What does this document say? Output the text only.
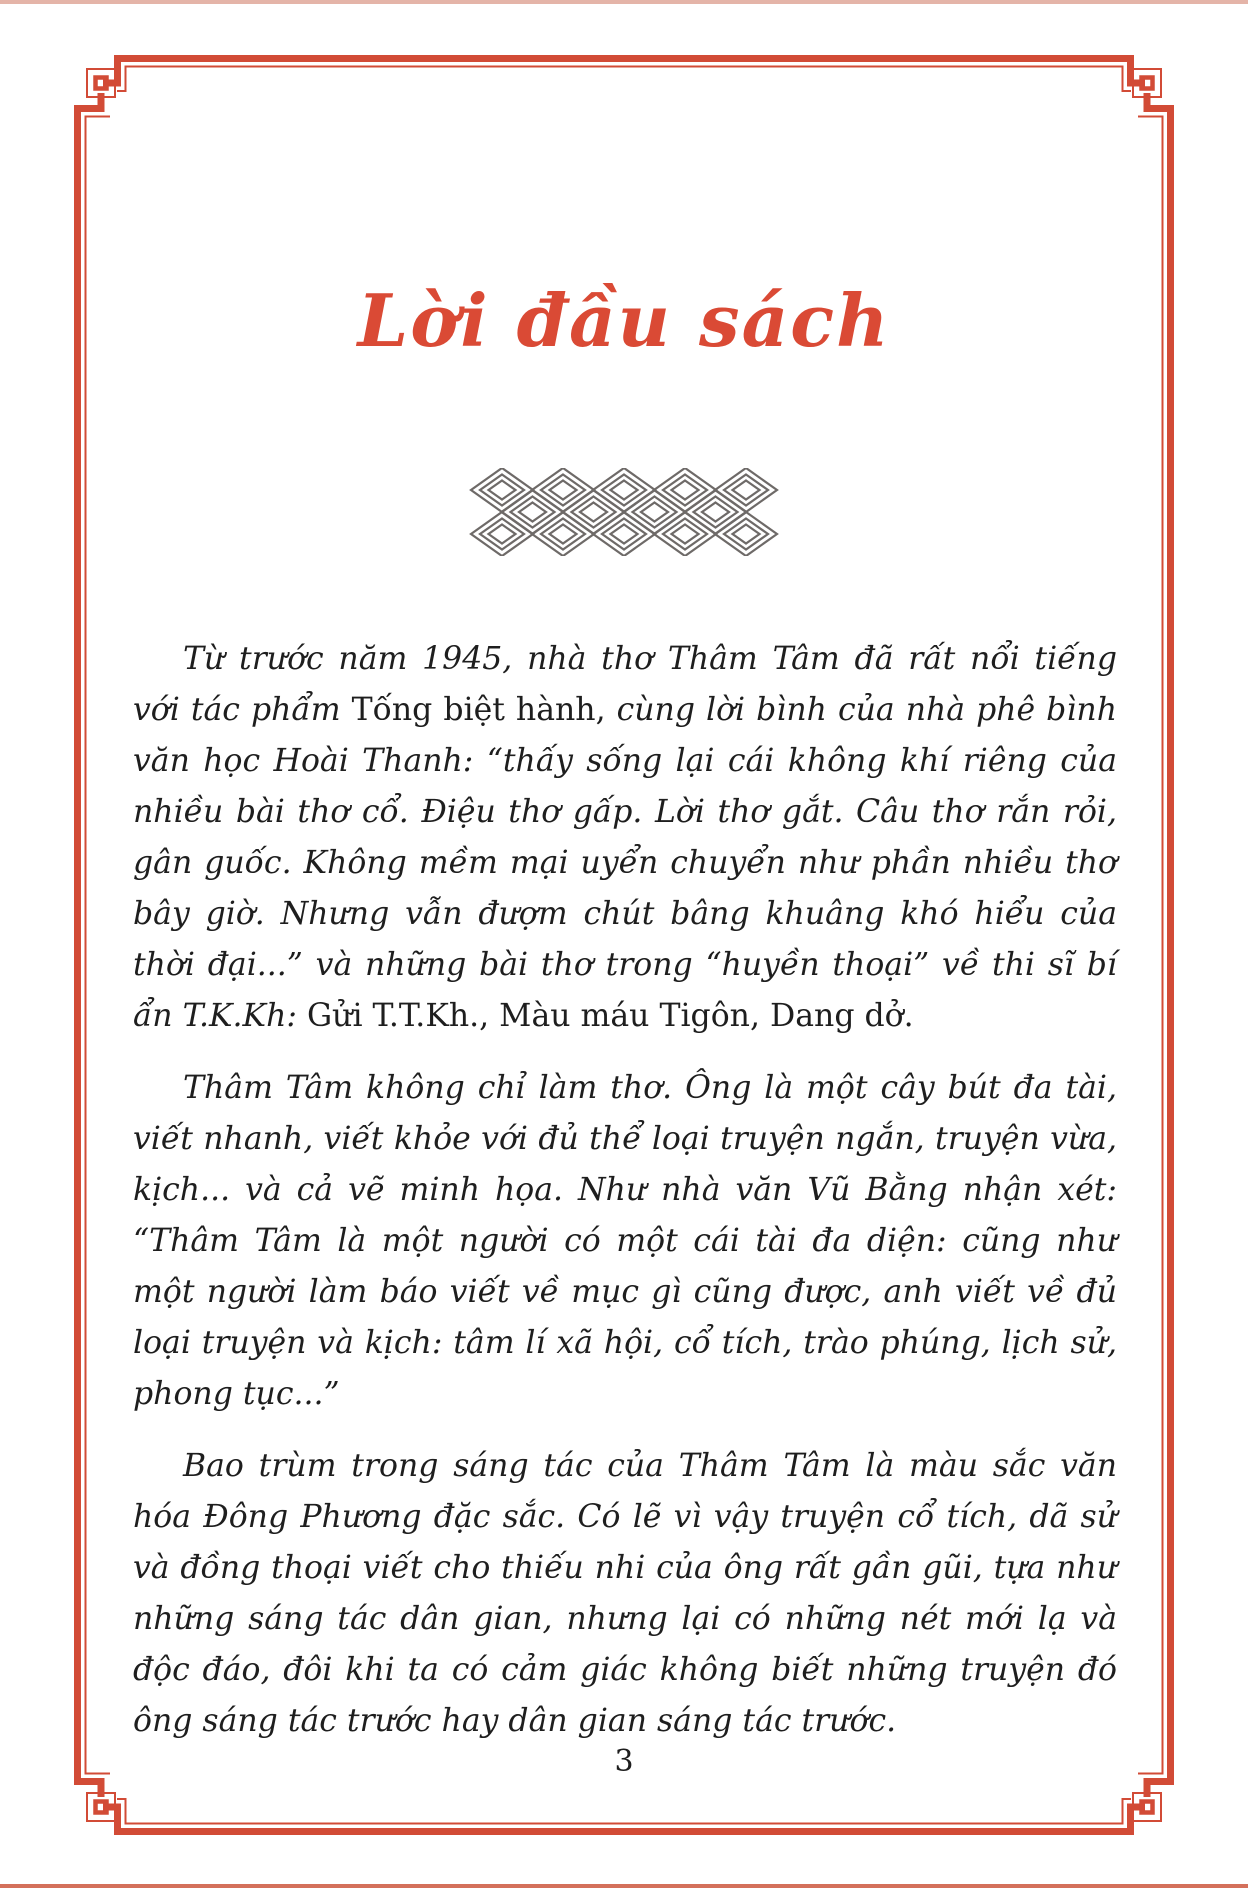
Lời đầu sách

Từ trước năm 1945, nhà thơ Thâm Tâm đã rất nổi tiếng với tác phẩm Tống biệt hành, cùng lời bình của nhà phê bình văn học Hoài Thanh: “thấy sống lại cái không khí riêng của nhiều bài thơ cổ. Điệu thơ gấp. Lời thơ gắt. Câu thơ rắn rỏi, gân guốc. Không mềm mại uyển chuyển như phần nhiều thơ bây giờ. Nhưng vẫn đượm chút bâng khuâng khó hiểu của thời đại...” và những bài thơ trong “huyền thoại” về thi sĩ bí ẩn T.K.Kh: Gửi T.T.Kh., Màu máu Tigôn, Dang dở.

Thâm Tâm không chỉ làm thơ. Ông là một cây bút đa tài, viết nhanh, viết khỏe với đủ thể loại truyện ngắn, truyện vừa, kịch... và cả vẽ minh họa. Như nhà văn Vũ Bằng nhận xét: “Thâm Tâm là một người có một cái tài đa diện: cũng như một người làm báo viết về mục gì cũng được, anh viết về đủ loại truyện và kịch: tâm lí xã hội, cổ tích, trào phúng, lịch sử, phong tục...”

Bao trùm trong sáng tác của Thâm Tâm là màu sắc văn hóa Đông Phương đặc sắc. Có lẽ vì vậy truyện cổ tích, dã sử và đồng thoại viết cho thiếu nhi của ông rất gần gũi, tựa như những sáng tác dân gian, nhưng lại có những nét mới lạ và độc đáo, đôi khi ta có cảm giác không biết những truyện đó ông sáng tác trước hay dân gian sáng tác trước.

3
